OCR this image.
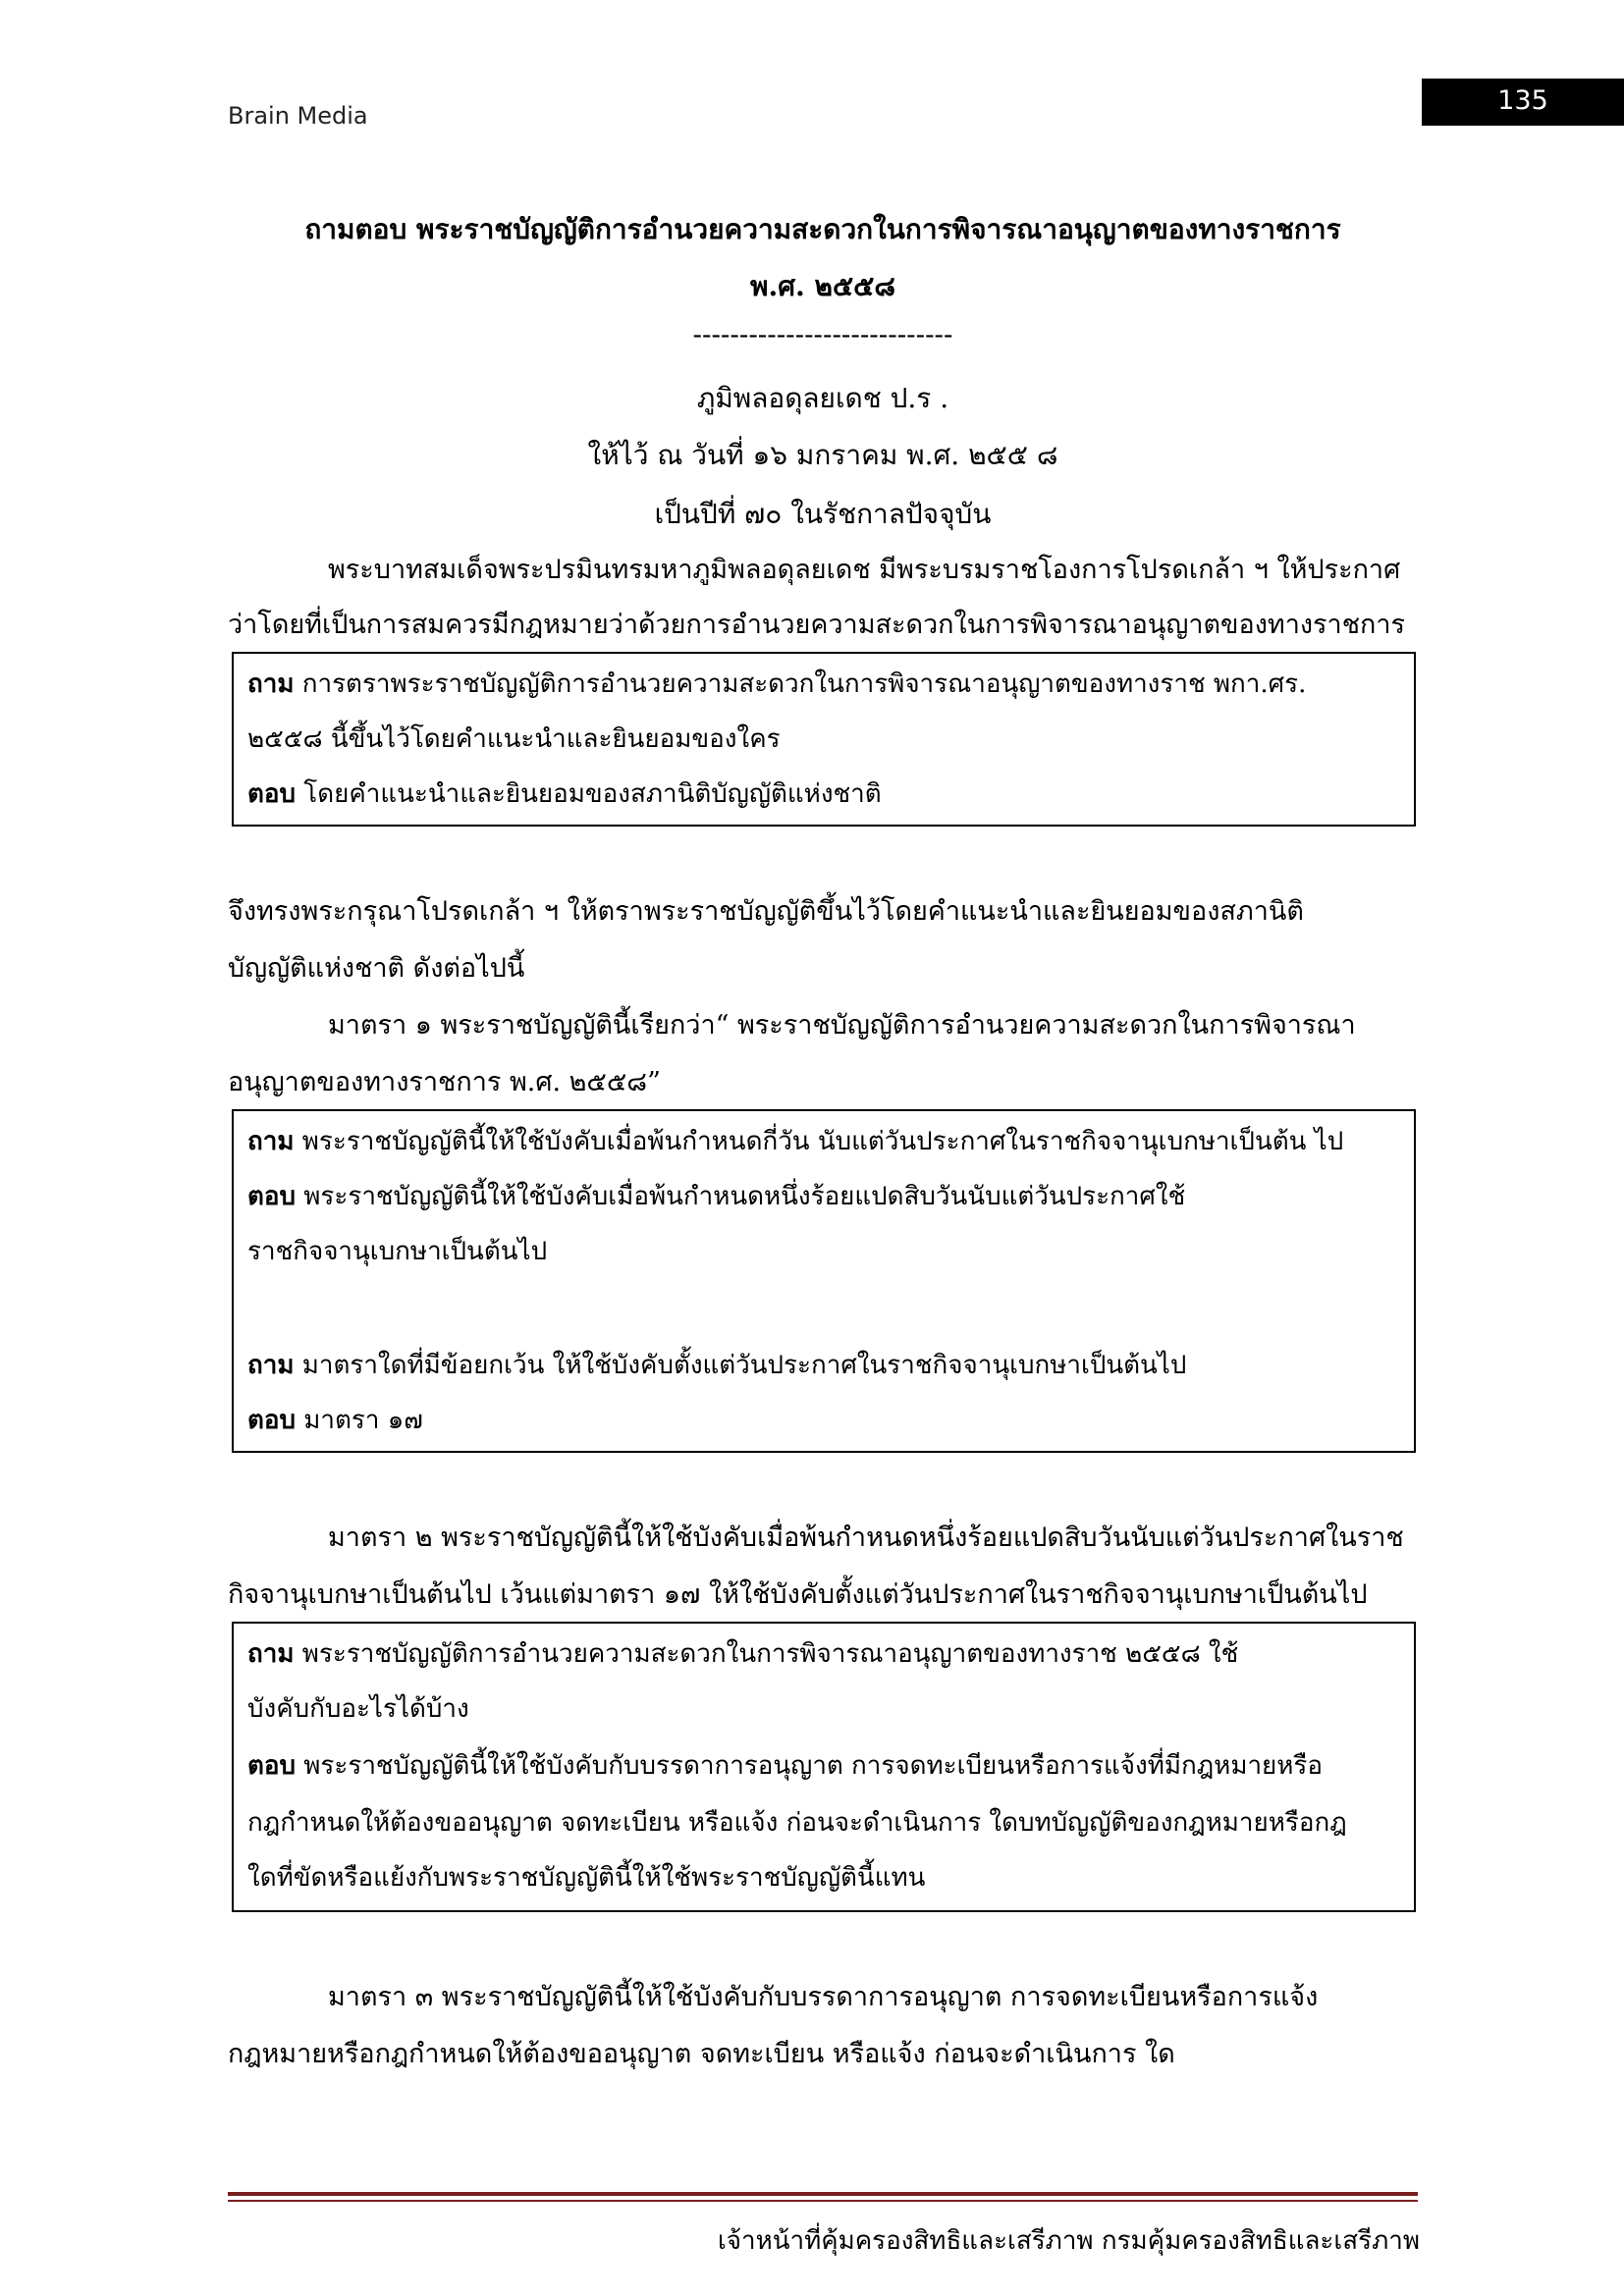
Brain Media	135
ถามตอบ พระราชบัญญัติการอำนวยความสะดวกในการพิจารณาอนุญาตของทางราชการ
พ.ศ. ๒๕๕๘
----------------------------
ภูมิพลอดุลยเดช ป.ร .
ให้ไว้ ณ วันที่ ๑๖ มกราคม พ.ศ. ๒๕๕ ๘
เป็นปีที่ ๗๐ ในรัชกาลปัจจุบัน
พระบาทสมเด็จพระปรมินทรมหาภูมิพลอดุลยเดช มีพระบรมราชโองการโปรดเกล้า ฯ ให้ประกาศ
ว่าโดยที่เป็นการสมควรมีกฎหมายว่าด้วยการอำนวยความสะดวกในการพิจารณาอนุญาตของทางราชการ
ถาม การตราพระราชบัญญัติการอำนวยความสะดวกในการพิจารณาอนุญาตของทางราช พกา.ศร.
๒๕๕๘ นี้ขึ้นไว้โดยคำแนะนำและยินยอมของใคร
ตอบ โดยคำแนะนำและยินยอมของสภานิติบัญญัติแห่งชาติ
จึงทรงพระกรุณาโปรดเกล้า ฯ ให้ตราพระราชบัญญัติขึ้นไว้โดยคำแนะนำและยินยอมของสภานิติ
บัญญัติแห่งชาติ ดังต่อไปนี้
มาตรา ๑ พระราชบัญญัตินี้เรียกว่า“ พระราชบัญญัติการอำนวยความสะดวกในการพิจารณา
อนุญาตของทางราชการ พ.ศ. ๒๕๕๘”
ถาม พระราชบัญญัตินี้ให้ใช้บังคับเมื่อพ้นกำหนดกี่วัน นับแต่วันประกาศในราชกิจจานุเบกษาเป็นต้น ไป
ตอบ พระราชบัญญัตินี้ให้ใช้บังคับเมื่อพ้นกำหนดหนึ่งร้อยแปดสิบวันนับแต่วันประกาศใช้
ราชกิจจานุเบกษาเป็นต้นไป
ถาม มาตราใดที่มีข้อยกเว้น ให้ใช้บังคับตั้งแต่วันประกาศในราชกิจจานุเบกษาเป็นต้นไป
ตอบ มาตรา ๑๗
มาตรา ๒ พระราชบัญญัตินี้ให้ใช้บังคับเมื่อพ้นกำหนดหนึ่งร้อยแปดสิบวันนับแต่วันประกาศในราช
กิจจานุเบกษาเป็นต้นไป เว้นแต่มาตรา ๑๗ ให้ใช้บังคับตั้งแต่วันประกาศในราชกิจจานุเบกษาเป็นต้นไป
ถาม พระราชบัญญัติการอำนวยความสะดวกในการพิจารณาอนุญาตของทางราช ๒๕๕๘ ใช้
บังคับกับอะไรได้บ้าง
ตอบ พระราชบัญญัตินี้ให้ใช้บังคับกับบรรดาการอนุญาต การจดทะเบียนหรือการแจ้งที่มีกฎหมายหรือ
กฎกำหนดให้ต้องขออนุญาต จดทะเบียน หรือแจ้ง ก่อนจะดำเนินการ ใดบทบัญญัติของกฎหมายหรือกฎ
ใดที่ขัดหรือแย้งกับพระราชบัญญัตินี้ให้ใช้พระราชบัญญัตินี้แทน
มาตรา ๓ พระราชบัญญัตินี้ให้ใช้บังคับกับบรรดาการอนุญาต การจดทะเบียนหรือการแจ้ง
กฎหมายหรือกฎกำหนดให้ต้องขออนุญาต จดทะเบียน หรือแจ้ง ก่อนจะดำเนินการ ใด
เจ้าหน้าที่คุ้มครองสิทธิและเสรีภาพ กรมคุ้มครองสิทธิและเสรีภาพ
